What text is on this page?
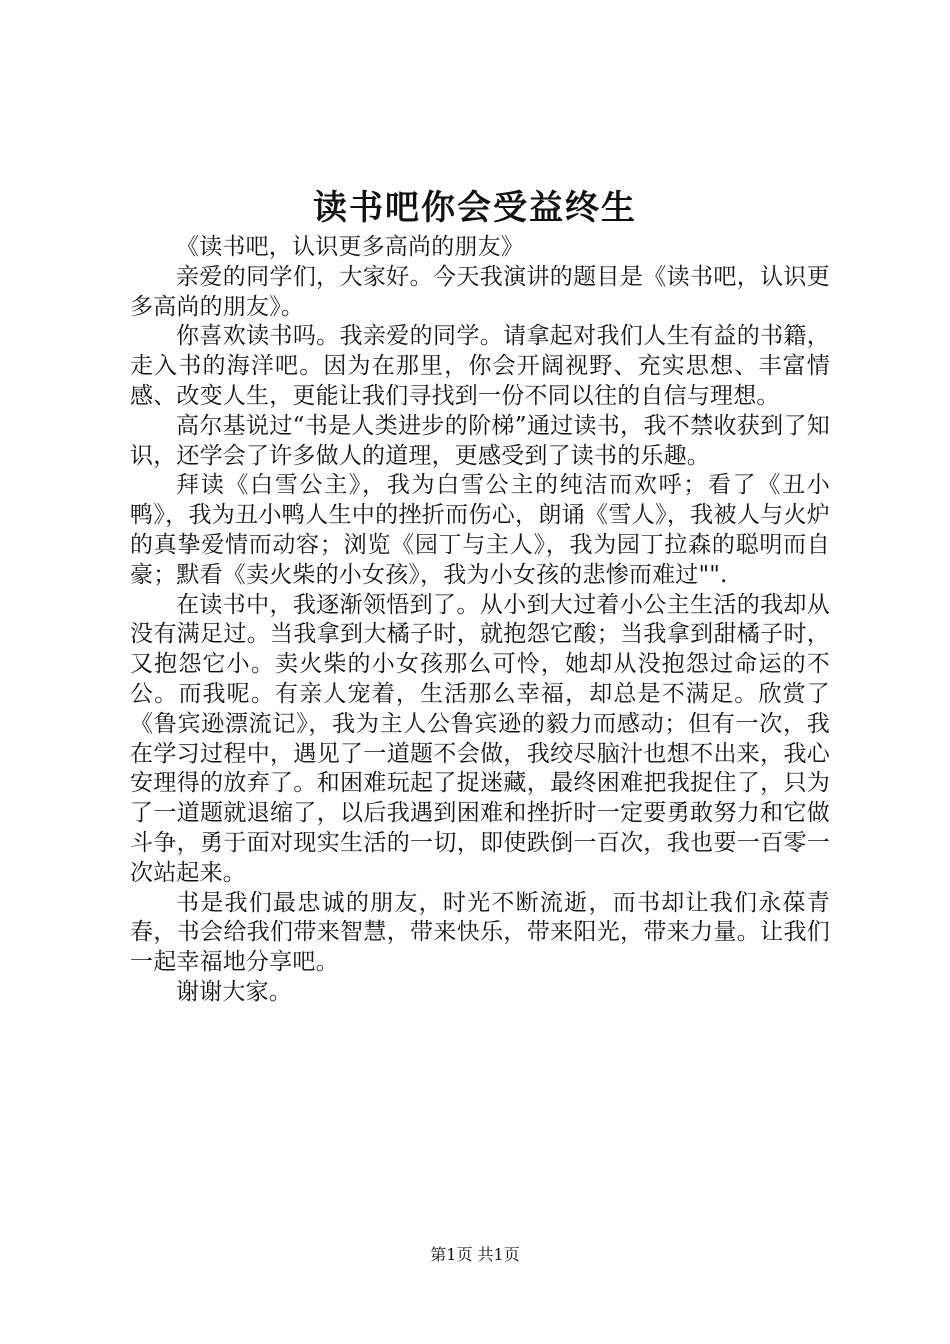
读书吧你会受益终生

《读书吧，认识更多高尚的朋友》

亲爱的同学们，大家好。今天我演讲的题目是《读书吧，认识更多高尚的朋友》。

你喜欢读书吗。我亲爱的同学。请拿起对我们人生有益的书籍，走入书的海洋吧。因为在那里，你会开阔视野、充实思想、丰富情感、改变人生，更能让我们寻找到一份不同以往的自信与理想。

高尔基说过“书是人类进步的阶梯”通过读书，我不禁收获到了知识，还学会了许多做人的道理，更感受到了读书的乐趣。

拜读《白雪公主》，我为白雪公主的纯洁而欢呼；看了《丑小鸭》，我为丑小鸭人生中的挫折而伤心，朗诵《雪人》，我被人与火炉的真挚爱情而动容；浏览《园丁与主人》，我为园丁拉森的聪明而自豪；默看《卖火柴的小女孩》，我为小女孩的悲惨而难过"".

在读书中，我逐渐领悟到了。从小到大过着小公主生活的我却从没有满足过。当我拿到大橘子时，就抱怨它酸；当我拿到甜橘子时，又抱怨它小。卖火柴的小女孩那么可怜，她却从没抱怨过命运的不公。而我呢。有亲人宠着，生活那么幸福，却总是不满足。欣赏了《鲁宾逊漂流记》，我为主人公鲁宾逊的毅力而感动；但有一次，我在学习过程中，遇见了一道题不会做，我绞尽脑汁也想不出来，我心安理得的放弃了。和困难玩起了捉迷藏，最终困难把我捉住了，只为了一道题就退缩了，以后我遇到困难和挫折时一定要勇敢努力和它做斗争，勇于面对现实生活的一切，即使跌倒一百次，我也要一百零一次站起来。

书是我们最忠诚的朋友，时光不断流逝，而书却让我们永葆青春，书会给我们带来智慧，带来快乐，带来阳光，带来力量。让我们一起幸福地分享吧。

谢谢大家。

第1页 共1页
